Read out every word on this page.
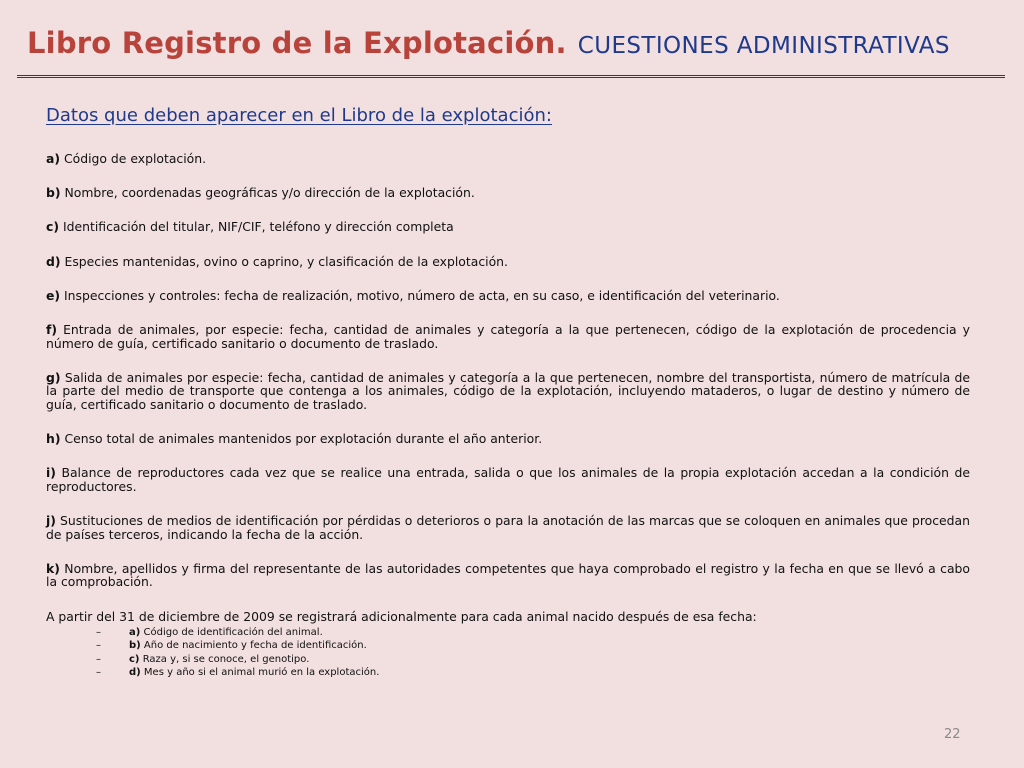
Libro Registro de la Explotación. CUESTIONES ADMINISTRATIVAS
Datos que deben aparecer en el Libro de la explotación:

a) Código de explotación.

b) Nombre, coordenadas geográficas y/o dirección de la explotación.

c) Identificación del titular, NIF/CIF, teléfono y dirección completa

d) Especies mantenidas, ovino o caprino, y clasificación de la explotación.

e) Inspecciones y controles: fecha de realización, motivo, número de acta, en su caso, e identificación del veterinario.

f) Entrada de animales, por especie: fecha, cantidad de animales y categoría a la que pertenecen, código de la explotación de procedencia y número de guía, certificado sanitario o documento de traslado.

g) Salida de animales por especie: fecha, cantidad de animales y categoría a la que pertenecen, nombre del transportista, número de matrícula de la parte del medio de transporte que contenga a los animales, código de la explotación, incluyendo mataderos, o lugar de destino y número de guía, certificado sanitario o documento de traslado.

h) Censo total de animales mantenidos por explotación durante el año anterior.

i) Balance de reproductores cada vez que se realice una entrada, salida o que los animales de la propia explotación accedan a la condición de reproductores.

j) Sustituciones de medios de identificación por pérdidas o deterioros o para la anotación de las marcas que se coloquen en animales que procedan de países terceros, indicando la fecha de la acción.

k) Nombre, apellidos y firma del representante de las autoridades competentes que haya comprobado el registro y la fecha en que se llevó a cabo la comprobación.

A partir del 31 de diciembre de 2009 se registrará adicionalmente para cada animal nacido después de esa fecha:

–	a) Código de identificación del animal.
–	b) Año de nacimiento y fecha de identificación.
–	c) Raza y, si se conoce, el genotipo.
–	d) Mes y año si el animal murió en la explotación.
22
